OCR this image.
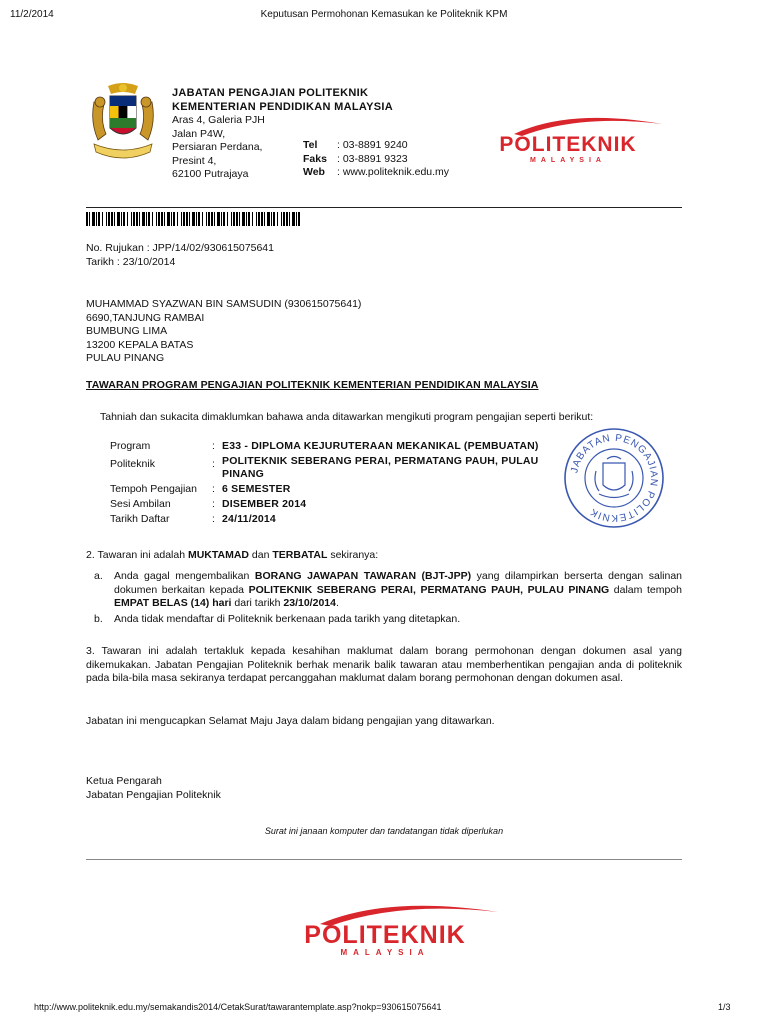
11/2/2014	Keputusan Permohonan Kemasukan ke Politeknik KPM
JABATAN PENGAJIAN POLITEKNIK
KEMENTERIAN PENDIDIKAN MALAYSIA
Aras 4, Galeria PJH
Jalan P4W,
Persiaran Perdana,
Presint 4,
62100 Putrajaya
Tel : 03-8891 9240
Faks : 03-8891 9323
Web : www.politeknik.edu.my
POLITEKNIK
MALAYSIA
No. Rujukan : JPP/14/02/930615075641
Tarikh : 23/10/2014
MUHAMMAD SYAZWAN BIN SAMSUDIN (930615075641)
6690,TANJUNG RAMBAI
BUMBUNG LIMA
13200 KEPALA BATAS
PULAU PINANG
TAWARAN PROGRAM PENGAJIAN POLITEKNIK KEMENTERIAN PENDIDIKAN MALAYSIA
Tahniah dan sukacita dimaklumkan bahawa anda ditawarkan mengikuti program pengajian seperti berikut:
Program	:	E33 - DIPLOMA KEJURUTERAAN MEKANIKAL (PEMBUATAN)
Politeknik	:	POLITEKNIK SEBERANG PERAI, PERMATANG PAUH, PULAU PINANG
Tempoh Pengajian	:	6 SEMESTER
Sesi Ambilan	:	DISEMBER 2014
Tarikh Daftar	:	24/11/2014
JABATAN PENGAJIAN POLITEKNIK
2. Tawaran ini adalah MUKTAMAD dan TERBATAL sekiranya:
a. Anda gagal mengembalikan BORANG JAWAPAN TAWARAN (BJT-JPP) yang dilampirkan berserta dengan salinan dokumen berkaitan kepada POLITEKNIK SEBERANG PERAI, PERMATANG PAUH, PULAU PINANG dalam tempoh EMPAT BELAS (14) hari dari tarikh 23/10/2014.
b. Anda tidak mendaftar di Politeknik berkenaan pada tarikh yang ditetapkan.
3. Tawaran ini adalah tertakluk kepada kesahihan maklumat dalam borang permohonan dengan dokumen asal yang dikemukakan. Jabatan Pengajian Politeknik berhak menarik balik tawaran atau memberhentikan pengajian anda di politeknik pada bila-bila masa sekiranya terdapat percanggahan maklumat dalam borang permohonan dengan dokumen asal.
Jabatan ini mengucapkan Selamat Maju Jaya dalam bidang pengajian yang ditawarkan.
Ketua Pengarah
Jabatan Pengajian Politeknik
Surat ini janaan komputer dan tandatangan tidak diperlukan
POLITEKNIK
MALAYSIA
http://www.politeknik.edu.my/semakandis2014/CetakSurat/tawarantemplate.asp?nokp=930615075641	1/3
